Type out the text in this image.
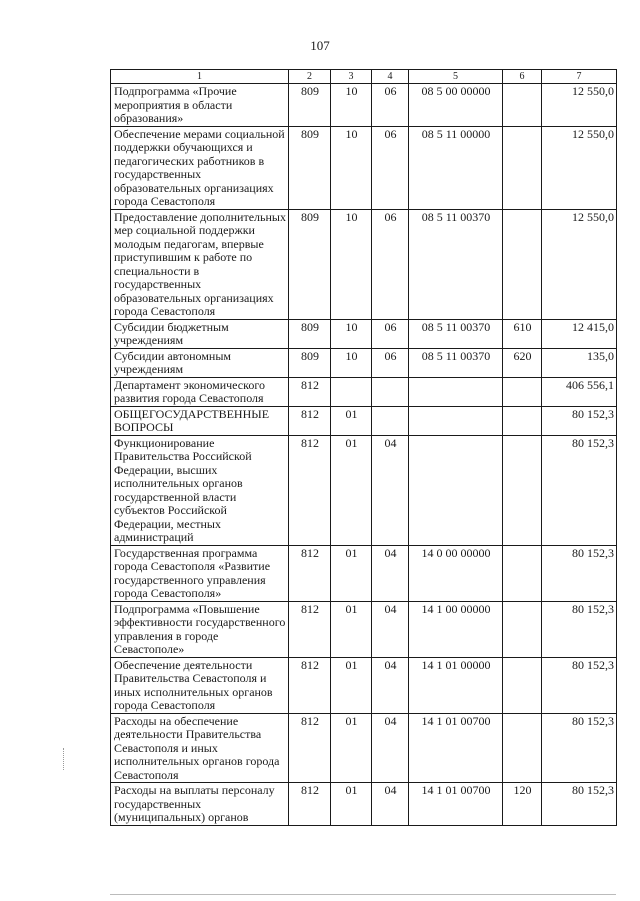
107
1	2	3	4	5	6	7
Подпрограмма «Прочие мероприятия в области образования»	809	10	06	08 5 00 00000		12 550,0
Обеспечение мерами социальной поддержки обучающихся и педагогических работников в государственных образовательных организациях города Севастополя	809	10	06	08 5 11 00000		12 550,0
Предоставление дополнительных мер социальной поддержки молодым педагогам, впервые приступившим к работе по специальности в государственных образовательных организациях города Севастополя	809	10	06	08 5 11 00370		12 550,0
Субсидии бюджетным учреждениям	809	10	06	08 5 11 00370	610	12 415,0
Субсидии автономным учреждениям	809	10	06	08 5 11 00370	620	135,0
Департамент экономического развития города Севастополя	812					406 556,1
ОБЩЕГОСУДАРСТВЕННЫЕ ВОПРОСЫ	812	01				80 152,3
Функционирование Правительства Российской Федерации, высших исполнительных органов государственной власти субъектов Российской Федерации, местных администраций	812	01	04			80 152,3
Государственная программа города Севастополя «Развитие государственного управления города Севастополя»	812	01	04	14 0 00 00000		80 152,3
Подпрограмма «Повышение эффективности государственного управления в городе Севастополе»	812	01	04	14 1 00 00000		80 152,3
Обеспечение деятельности Правительства Севастополя и иных исполнительных органов города Севастополя	812	01	04	14 1 01 00000		80 152,3
Расходы на обеспечение деятельности Правительства Севастополя и иных исполнительных органов города Севастополя	812	01	04	14 1 01 00700		80 152,3
Расходы на выплаты персоналу государственных (муниципальных) органов	812	01	04	14 1 01 00700	120	80 152,3
